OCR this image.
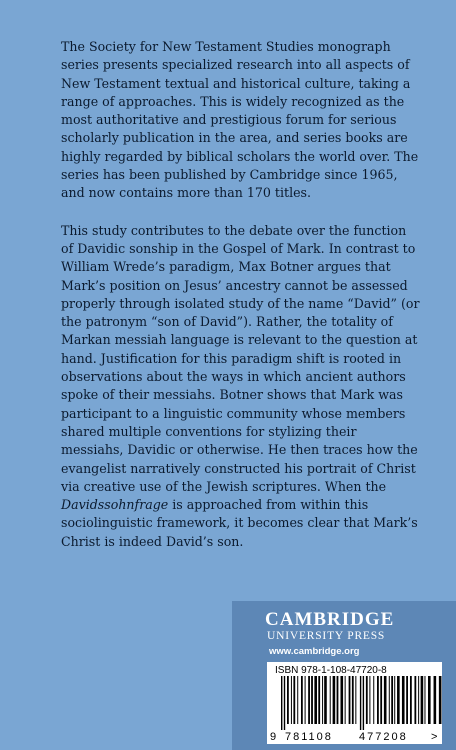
The Society for New Testament Studies monograph series presents specialized research into all aspects of New Testament textual and historical culture, taking a range of approaches. This is widely recognized as the most authoritative and prestigious forum for serious scholarly publication in the area, and series books are highly regarded by biblical scholars the world over. The series has been published by Cambridge since 1965, and now contains more than 170 titles.

This study contributes to the debate over the function of Davidic sonship in the Gospel of Mark. In contrast to William Wrede’s paradigm, Max Botner argues that Mark’s position on Jesus’ ancestry cannot be assessed properly through isolated study of the name “David” (or the patronym “son of David”). Rather, the totality of Markan messiah language is relevant to the question at hand. Justification for this paradigm shift is rooted in observations about the ways in which ancient authors spoke of their messiahs. Botner shows that Mark was participant to a linguistic community whose members shared multiple conventions for stylizing their messiahs, Davidic or otherwise. He then traces how the evangelist narratively constructed his portrait of Christ via creative use of the Jewish scriptures. When the Davidssohnfrage is approached from within this sociolinguistic framework, it becomes clear that Mark’s Christ is indeed David’s son.

CAMBRIDGE
UNIVERSITY PRESS
www.cambridge.org
ISBN 978-1-108-47720-8
9 781108 477208 >
